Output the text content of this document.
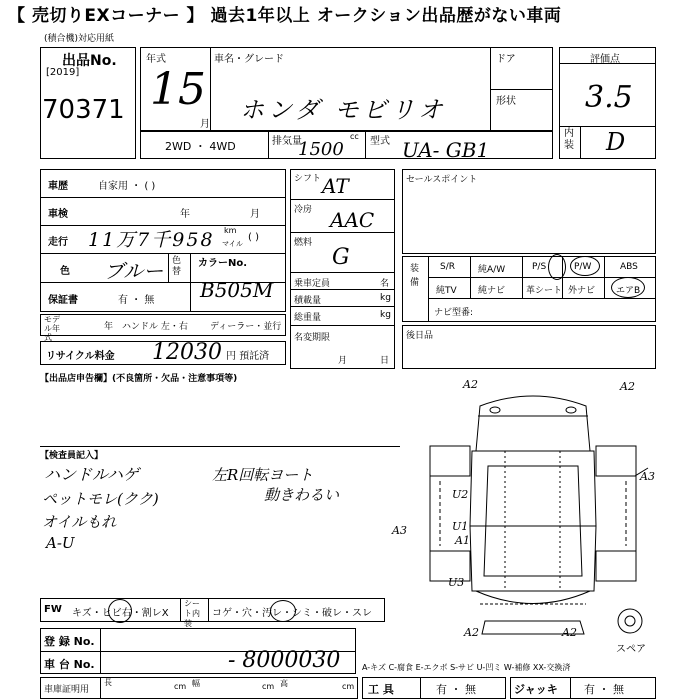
【 売切りEXコーナー 】 過去1年以上 オークション出品歴がない車両
(積合機)対応用紙
出品No.
[2019]
70371
年式
15
月
車名・グレード
ホンダ モビリオ
ドア
形状
2WD ・ 4WD	排気量	cc
1500	型式 UA- GB1
評価点
3.5
内装 D
車歴	自家用 ・ ( )
車検	年	月
走行 11万7千958 km
マイル
( )
色 ブルー 色替
カラーNo.
B505M
保証書	有 ・ 無
モデル年式
年 ハンドル 左・右 ディーラー・並行
リサイクル料金 12030 円 預託済
シフト AT
冷房 AAC
燃料
G
乗車定員	名
積載量	kg
総重量	kg
名変期限
月	日
セールスポイント
装備
S/R	純A/W	P/S	P/W	ABS
純TV 純ナビ 革シート 外ナビ エアB
ナビ型番:
後日品
【出品店申告欄】(不良箇所・欠品・注意事項等)
【検査員記入】
ハンドルハゲ
ペットモレ(クク)
オイルもれ
A-U
左R回転ヨート
動きわるい
A2
A3
A3
U2
U1
A1
U3
A2	A2
A2
スペア
FW キズ・ヒビ右・割レX
シート内装
コゲ・穴・汚レ・シミ・破レ・スレ
登 録 No.
車 台 No.	- 8000030	A-キズ C-腐食 E-エクボ S-サビ U-凹ミ W-補修 XX-交換済
車庫証明用
長	cm 幅	cm 高	cm 工 具	有 ・ 無	ジャッキ 有 ・ 無
